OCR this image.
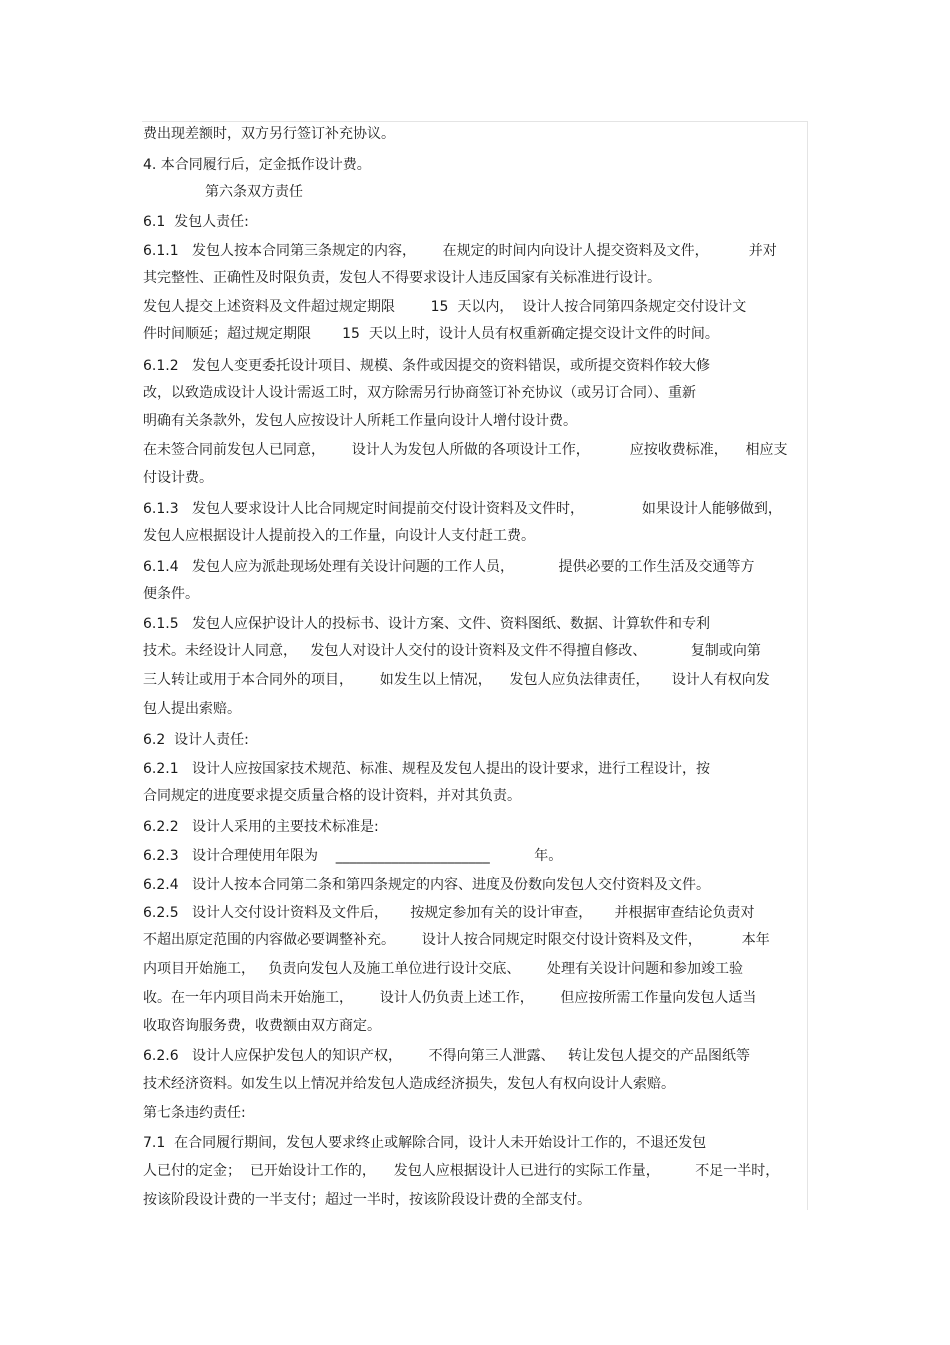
费出现差额时，双方另行签订补充协议。
4. 本合同履行后，定金抵作设计费。
第六条双方责任
6.1  发包人责任:
6.1.1   发包人按本合同第三条规定的内容，      在规定的时间内向设计人提交资料及文件，         并对
其完整性、正确性及时限负责，发包人不得要求设计人违反国家有关标准进行设计。
发包人提交上述资料及文件超过规定期限        15  天以内，  设计人按合同第四条规定交付设计文
件时间顺延；超过规定期限       15  天以上时，设计人员有权重新确定提交设计文件的时间。
6.1.2   发包人变更委托设计项目、规模、条件或因提交的资料错误，或所提交资料作较大修
改，以致造成设计人设计需返工时，双方除需另行协商签订补充协议（或另订合同）、重新
明确有关条款外，发包人应按设计人所耗工作量向设计人增付设计费。
在未签合同前发包人已同意，      设计人为发包人所做的各项设计工作，         应按收费标准，    相应支
付设计费。
6.1.3   发包人要求设计人比合同规定时间提前交付设计资料及文件时，             如果设计人能够做到，
发包人应根据设计人提前投入的工作量，向设计人支付赶工费。
6.1.4   发包人应为派赴现场处理有关设计问题的工作人员，          提供必要的工作生活及交通等方
便条件。
6.1.5   发包人应保护设计人的投标书、设计方案、文件、资料图纸、数据、计算软件和专利
技术。未经设计人同意，   发包人对设计人交付的设计资料及文件不得擅自修改、          复制或向第
三人转让或用于本合同外的项目，      如发生以上情况，    发包人应负法律责任，     设计人有权向发
包人提出索赔。
6.2  设计人责任:
6.2.1   设计人应按国家技术规范、标准、规程及发包人提出的设计要求，进行工程设计，按
合同规定的进度要求提交质量合格的设计资料，并对其负责。
6.2.2   设计人采用的主要技术标准是:
6.2.3   设计合理使用年限为    ______________________          年。
6.2.4   设计人按本合同第二条和第四条规定的内容、进度及份数向发包人交付资料及文件。
6.2.5   设计人交付设计资料及文件后，     按规定参加有关的设计审查，     并根据审查结论负责对
不超出原定范围的内容做必要调整补充。      设计人按合同规定时限交付设计资料及文件，         本年
内项目开始施工，   负责向发包人及施工单位进行设计交底、      处理有关设计问题和参加竣工验
收。在一年内项目尚未开始施工，      设计人仍负责上述工作，      但应按所需工作量向发包人适当
收取咨询服务费，收费额由双方商定。
6.2.6   设计人应保护发包人的知识产权，      不得向第三人泄露、   转让发包人提交的产品图纸等
技术经济资料。如发生以上情况并给发包人造成经济损失，发包人有权向设计人索赔。
第七条违约责任:
7.1  在合同履行期间，发包人要求终止或解除合同，设计人未开始设计工作的，不退还发包
人已付的定金；  已开始设计工作的，    发包人应根据设计人已进行的实际工作量，        不足一半时，
按该阶段设计费的一半支付；超过一半时，按该阶段设计费的全部支付。
